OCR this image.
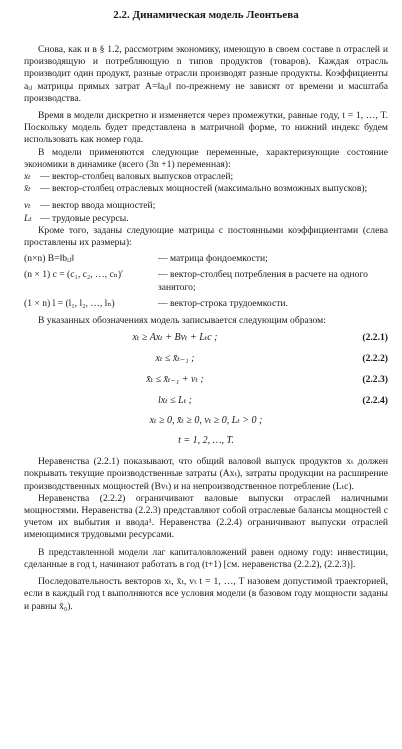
2.2. Динамическая модель Леонтьева

Снова, как и в § 1.2, рассмотрим экономику, имеющую в своем составе n отраслей и производящую и потребляющую n типов продуктов (товаров). Каждая отрасль производит один продукт, разные отрасли производят разные продукты. Коэффициенты aᵢⱼ матрицы прямых затрат A=‖aᵢⱼ‖ по-прежнему не зависят от времени и масштаба производства.

Время в модели дискретно и изменяется через промежутки, равные году, t = 1, …, T. Поскольку модель будет представлена в матричной форме, то нижний индекс будем использовать как номер года.

В модели применяются следующие переменные, характеризующие состояние экономики в динамике (всего (3n +1) переменная):

xₜ — вектор-столбец валовых выпусков отраслей;
x̄ₜ — вектор-столбец отраслевых мощностей (максимально возможных выпусков);
vₜ — вектор ввода мощностей;
Lₜ — трудовые ресурсы.

Кроме того, заданы следующие матрицы с постоянными коэффициентами (слева проставлены их размеры):

(n×n) B=‖bᵢⱼ‖	— матрица фондоемкости;
(n × 1) c = (c₁, c₂, …, cₙ)′	— вектор-столбец потребления в расчете на одного занятого;
(1 × n) l = (l₁, l₂, …, lₙ)	— вектор-строка трудоемкости.

В указанных обозначениях модель записывается следующим образом:

xₜ ≥ Axₜ + Bvₜ + Lₜc ;	(2.2.1)
xₜ ≤ x̄ₜ₋₁ ;	(2.2.2)
x̄ₜ ≤ x̄ₜ₋₁ + vₜ ;	(2.2.3)
lxₜ ≤ Lₜ ;	(2.2.4)
xₜ ≥ 0, x̄ₜ ≥ 0, vₜ ≥ 0, Lₜ > 0 ;
t = 1, 2, …, T.

Неравенства (2.2.1) показывают, что общий валовой выпуск продуктов xₜ должен покрывать текущие производственные затраты (Axₜ), затраты продукции на расширение производственных мощностей (Bvₜ) и на непроизводственное потребление (Lₜc).

Неравенства (2.2.2) ограничивают валовые выпуски отраслей наличными мощностями. Неравенства (2.2.3) представляют собой отраслевые балансы мощностей с учетом их выбытия и ввода¹. Неравенства (2.2.4) ограничивают выпуски отраслей имеющимися трудовыми ресурсами.

В представленной модели лаг капиталовложений равен одному году: инвестиции, сделанные в год t, начинают работать в год (t+1) [см. неравенства (2.2.2), (2.2.3)].

Последовательность векторов xₜ, x̄ₜ, vₜ t = 1, …, T назовем допустимой траекторией, если в каждый год t выполняются все условия модели (в базовом году мощности заданы и равны x̄₀).
